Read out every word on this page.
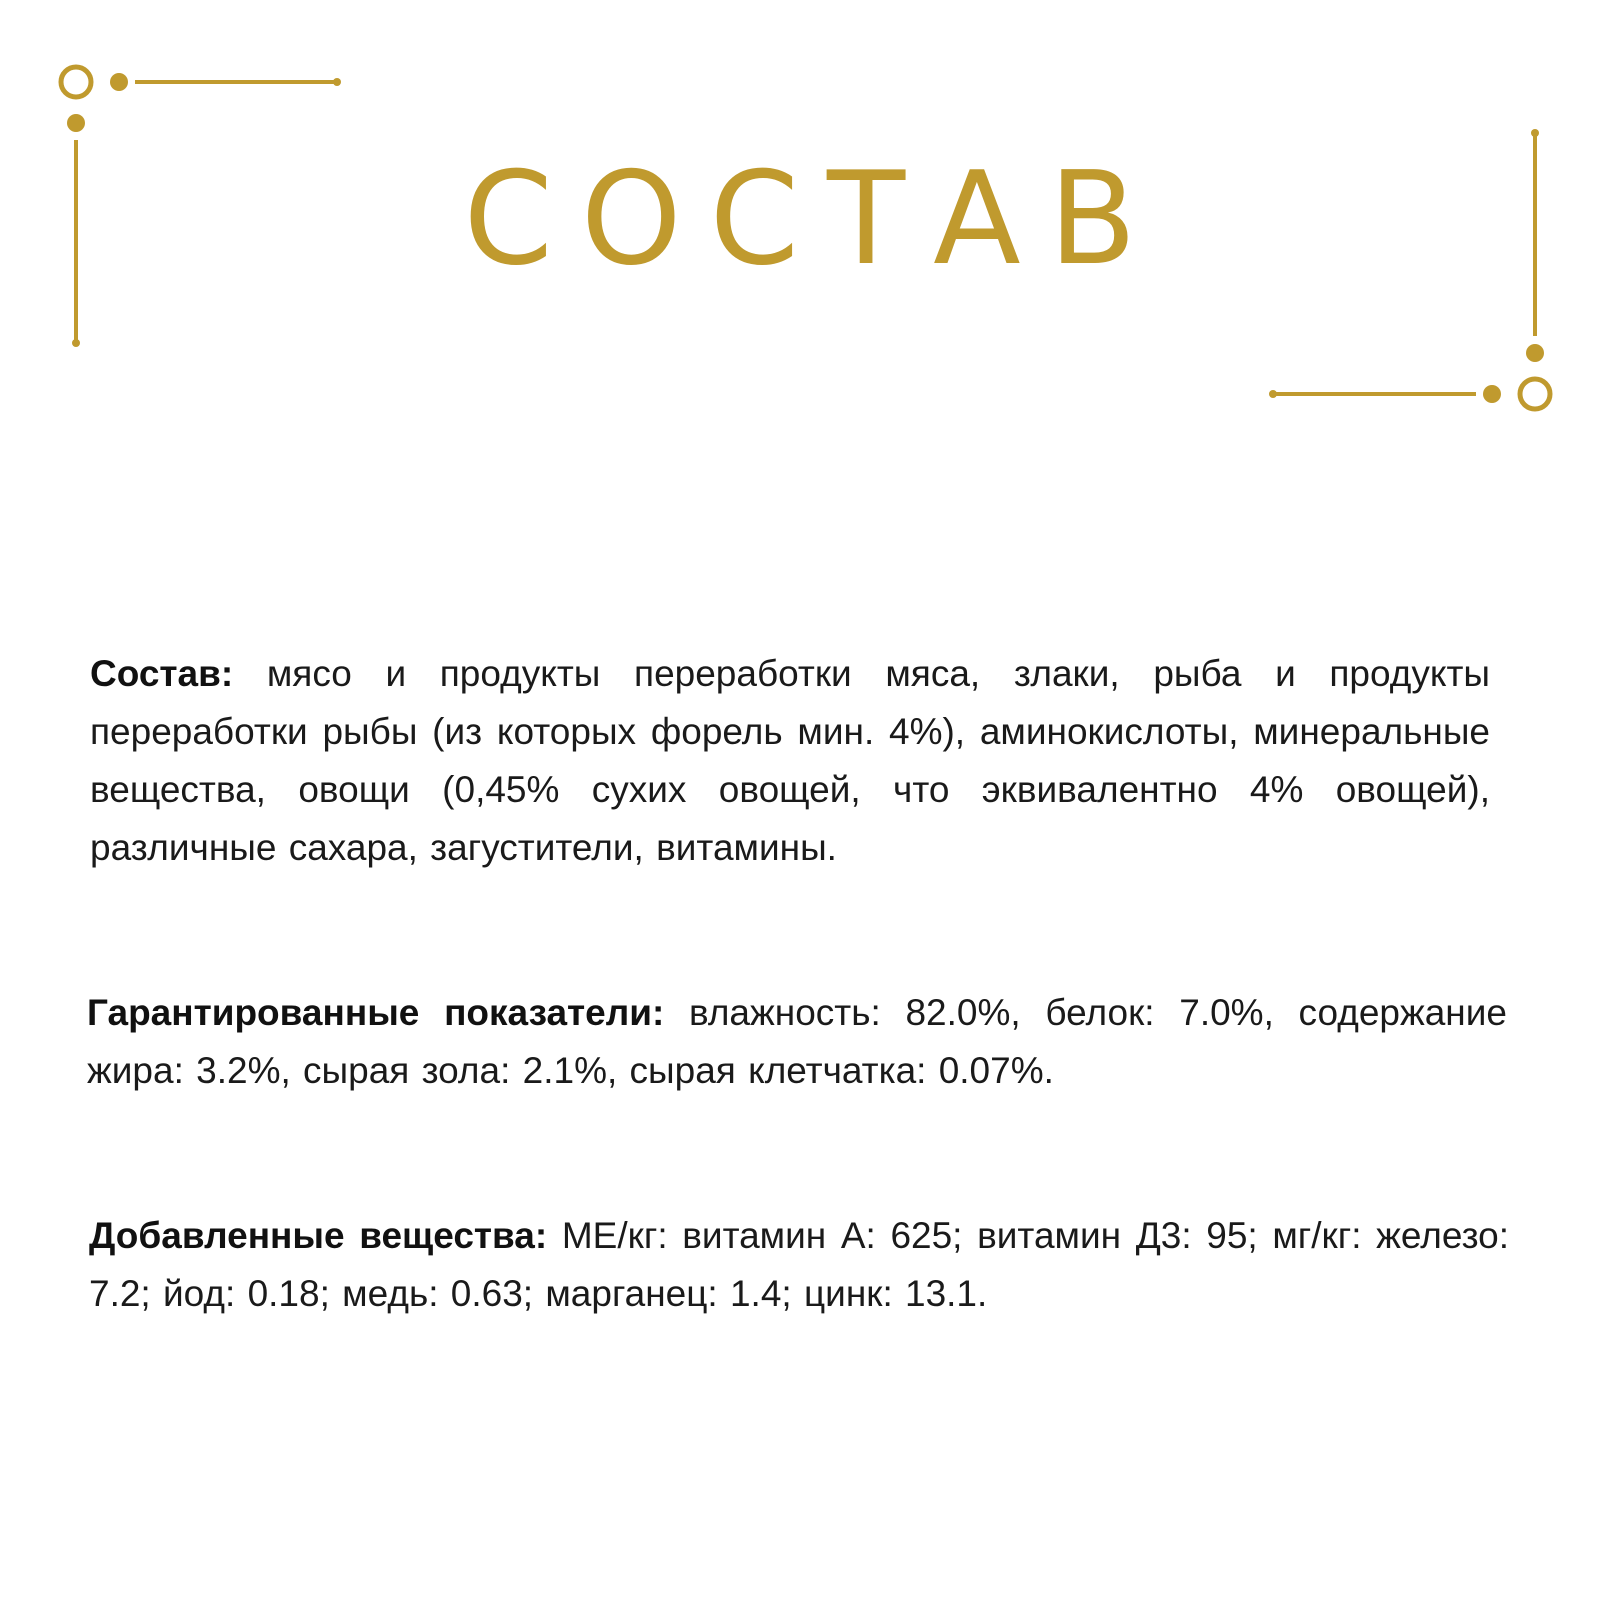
СОСТАВ

Состав: мясо и продукты переработки мяса, злаки, рыба и продукты переработки рыбы (из которых форель мин. 4%), аминокислоты, минеральные вещества, овощи (0,45% сухих овощей, что эквивалентно 4% овощей), различные сахара, загустители, витамины.

Гарантированные показатели: влажность: 82.0%, белок: 7.0%, содержание жира: 3.2%, сырая зола: 2.1%, сырая клетчатка: 0.07%.

Добавленные вещества: МЕ/кг: витамин А: 625; витамин Д3: 95; мг/кг: железо: 7.2; йод: 0.18; медь: 0.63; марганец: 1.4; цинк: 13.1.
